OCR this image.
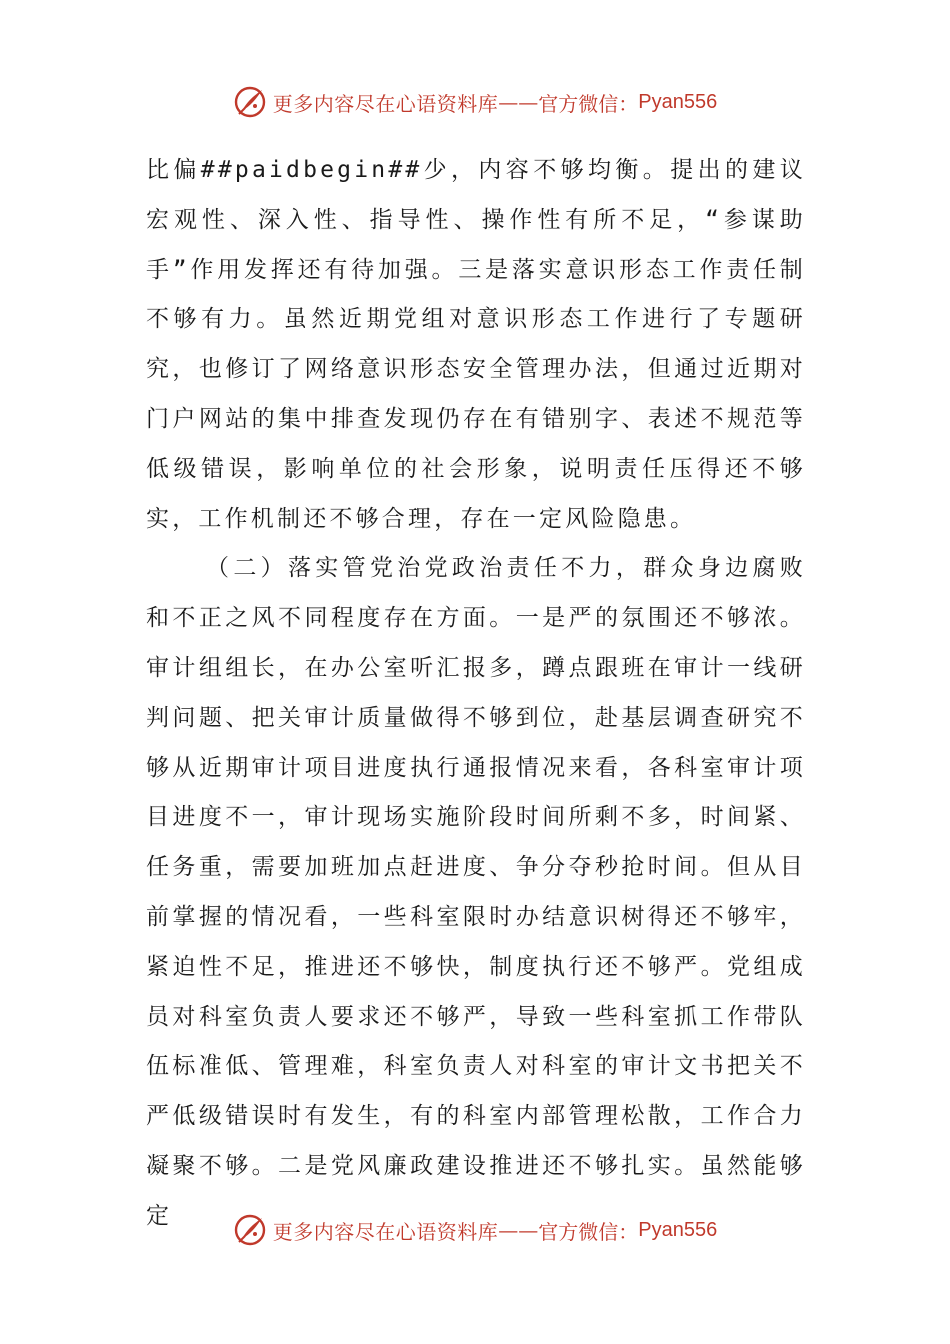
更多内容尽在心语资料库 —— 官方微信： Pyan556

比偏##paidbegin##少，内容不够均衡。提出的建议宏观性、深入性、指导性、操作性有所不足，“参谋助手”作用发挥还有待加强。三是落实意识形态工作责任制不够有力。虽然近期党组对意识形态工作进行了专题研究，也修订了网络意识形态安全管理办法，但通过近期对门户网站的集中排查发现仍存在有错别字、表述不规范等低级错误，影响单位的社会形象，说明责任压得还不够实，工作机制还不够合理，存在一定风险隐患。

（二）落实管党治党政治责任不力，群众身边腐败和不正之风不同程度存在方面。一是严的氛围还不够浓。审计组组长，在办公室听汇报多，蹲点跟班在审计一线研判问题、把关审计质量做得不够到位，赴基层调查研究不够从近期审计项目进度执行通报情况来看，各科室审计项目进度不一，审计现场实施阶段时间所剩不多，时间紧、任务重，需要加班加点赶进度、争分夺秒抢时间。但从目前掌握的情况看，一些科室限时办结意识树得还不够牢，紧迫性不足，推进还不够快，制度执行还不够严。党组成员对科室负责人要求还不够严，导致一些科室抓工作带队伍标准低、管理难，科室负责人对科室的审计文书把关不严低级错误时有发生，有的科室内部管理松散，工作合力凝聚不够。二是党风廉政建设推进还不够扎实。虽然能够定

更多内容尽在心语资料库 —— 官方微信： Pyan556
